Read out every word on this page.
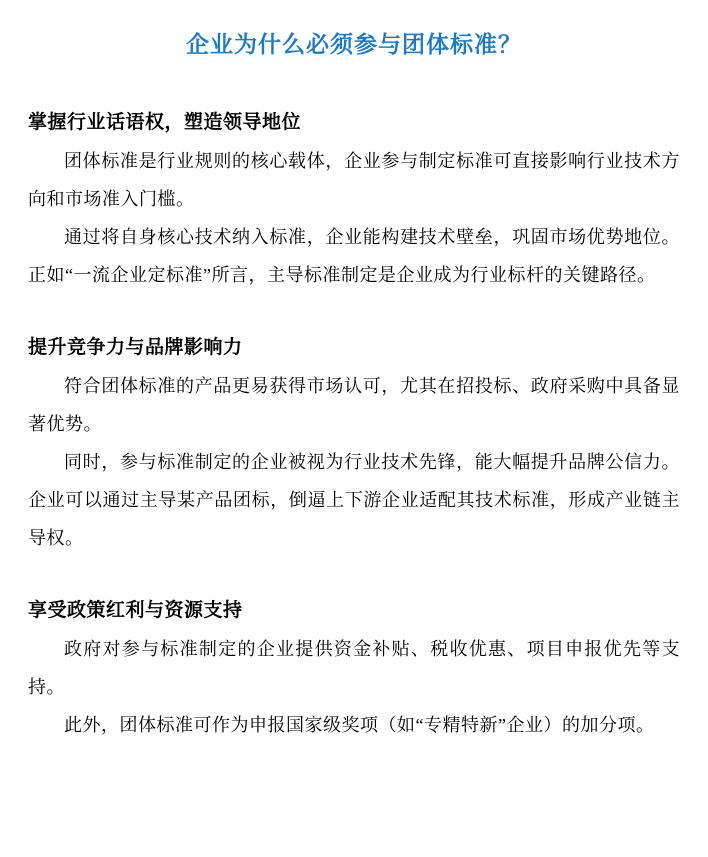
企业为什么必须参与团体标准？
掌握行业话语权，塑造领导地位

团体标准是行业规则的核心载体，企业参与制定标准可直接影响行业技术方向和市场准入门槛。

通过将自身核心技术纳入标准，企业能构建技术壁垒，巩固市场优势地位。正如“一流企业定标准”所言，主导标准制定是企业成为行业标杆的关键路径。

提升竞争力与品牌影响力

符合团体标准的产品更易获得市场认可，尤其在招投标、政府采购中具备显著优势。

同时，参与标准制定的企业被视为行业技术先锋，能大幅提升品牌公信力。企业可以通过主导某产品团标，倒逼上下游企业适配其技术标准，形成产业链主导权。

享受政策红利与资源支持

政府对参与标准制定的企业提供资金补贴、税收优惠、项目申报优先等支持。

此外，团体标准可作为申报国家级奖项（如“专精特新”企业）的加分项。
